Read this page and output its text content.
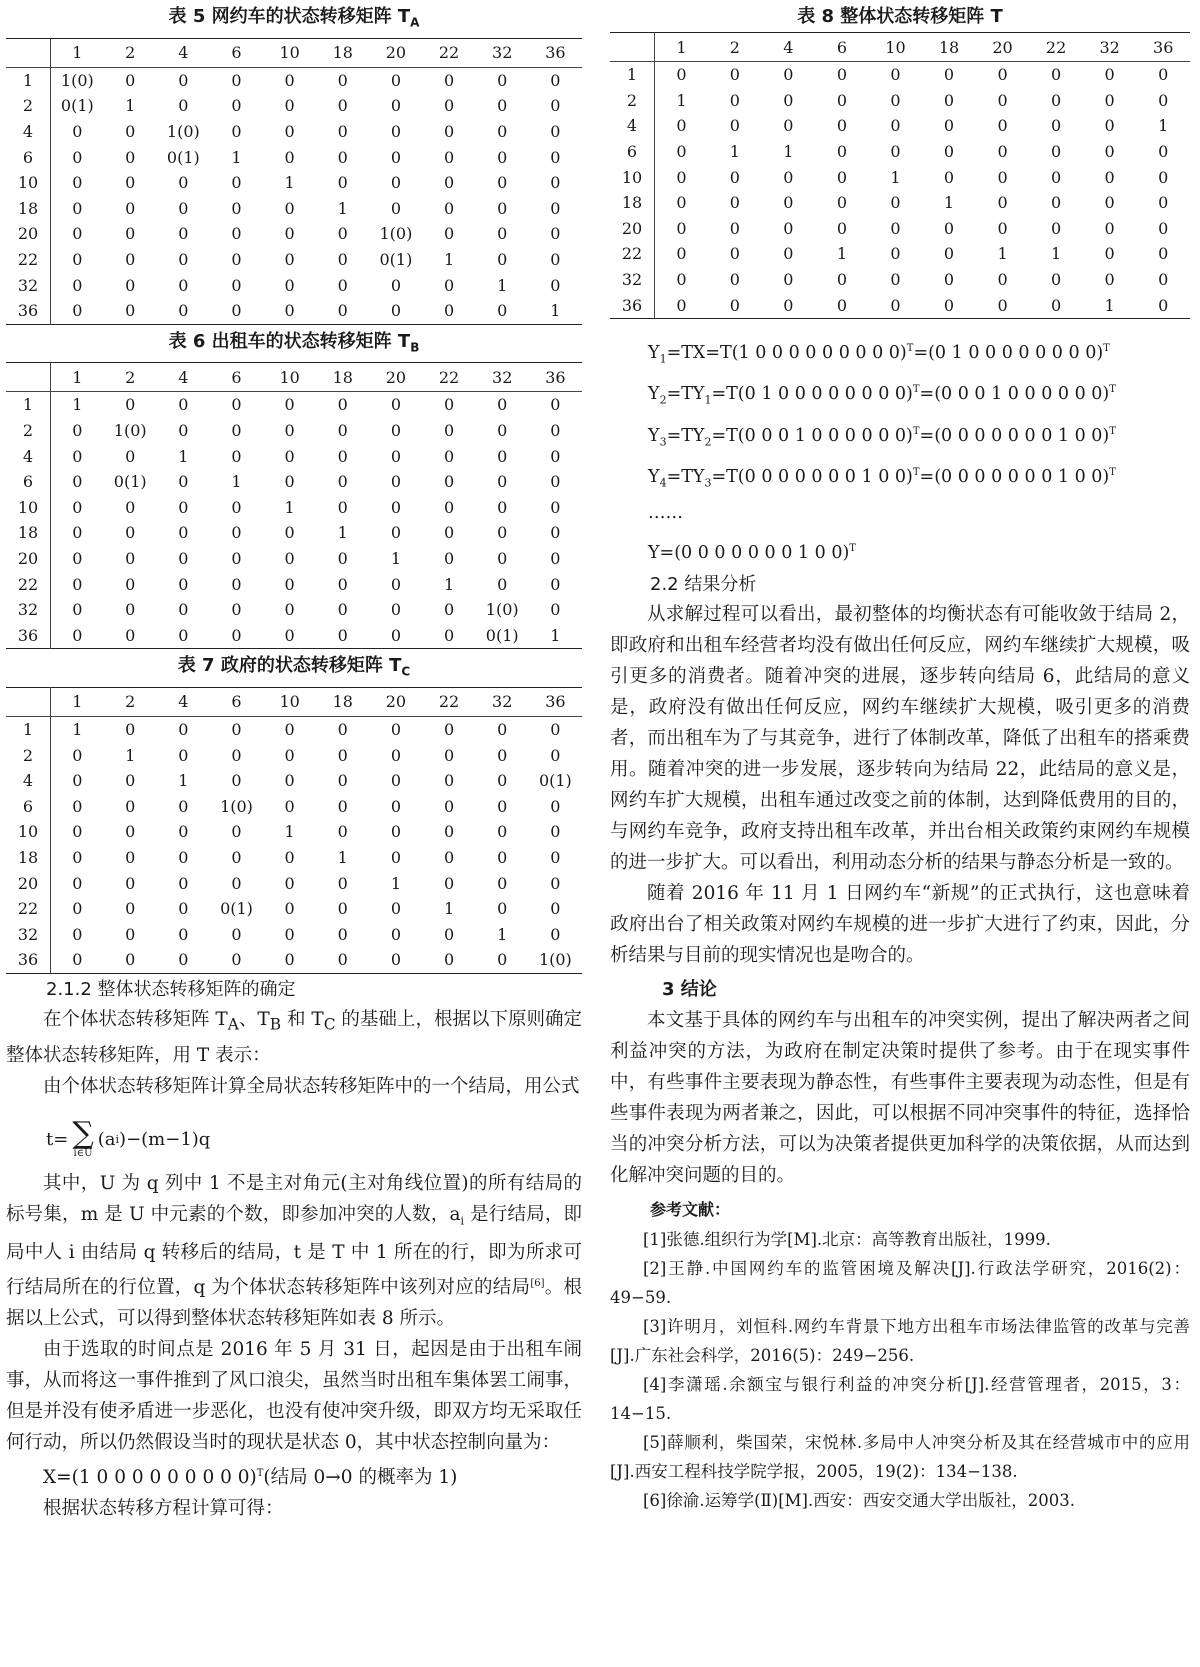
表 5 网约车的状态转移矩阵 $T_A$
	1	2	4	6	10	18	20	22	32	36
1	1(0)	0	0	0	0	0	0	0	0	0
2	0(1)	1	0	0	0	0	0	0	0	0
4	0	0	1(0)	0	0	0	0	0	0	0
6	0	0	0(1)	1	0	0	0	0	0	0
10	0	0	0	0	1	0	0	0	0	0
18	0	0	0	0	0	1	0	0	0	0
20	0	0	0	0	0	0	1(0)	0	0	0
22	0	0	0	0	0	0	0(1)	1	0	0
32	0	0	0	0	0	0	0	0	1	0
36	0	0	0	0	0	0	0	0	0	1
表 6 出租车的状态转移矩阵 $T_B$
	1	2	4	6	10	18	20	22	32	36
1	1	0	0	0	0	0	0	0	0	0
2	0	1(0)	0	0	0	0	0	0	0	0
4	0	0	1	0	0	0	0	0	0	0
6	0	0(1)	0	1	0	0	0	0	0	0
10	0	0	0	0	1	0	0	0	0	0
18	0	0	0	0	0	1	0	0	0	0
20	0	0	0	0	0	0	1	0	0	0
22	0	0	0	0	0	0	0	1	0	0
32	0	0	0	0	0	0	0	0	1(0)	0
36	0	0	0	0	0	0	0	0	0(1)	1
表 7 政府的状态转移矩阵 $T_C$
	1	2	4	6	10	18	20	22	32	36
1	1	0	0	0	0	0	0	0	0	0
2	0	1	0	0	0	0	0	0	0	0
4	0	0	1	0	0	0	0	0	0	0(1)
6	0	0	0	1(0)	0	0	0	0	0	0
10	0	0	0	0	1	0	0	0	0	0
18	0	0	0	0	0	1	0	0	0	0
20	0	0	0	0	0	0	1	0	0	0
22	0	0	0	0(1)	0	0	0	1	0	0
32	0	0	0	0	0	0	0	0	1	0
36	0	0	0	0	0	0	0	0	0	1(0)
2.1.2 整体状态转移矩阵的确定

在个体状态转移矩阵 $T_A$、$T_B$ 和 $T_C$ 的基础上，根据以下原则确定整体状态转移矩阵，用 T 表示：

由个体状态转移矩阵计算全局状态转移矩阵中的一个结局，用公式

t= ∑
i∈U
(a i )−(m−1)q

其中，U 为 q 列中 1 不是主对角元(主对角线位置)的所有结局的标号集，m 是 U 中元素的个数，即参加冲突的人数，$a_i$ 是行结局，即局中人 i 由结局 q 转移后的结局，t 是 T 中 1 所在的行，即为所求可行结局所在的行位置，q 为个体状态转移矩阵中该列对应的结局[6]。根据以上公式，可以得到整体状态转移矩阵如表 8 所示。

由于选取的时间点是 2016 年 5 月 31 日，起因是由于出租车闹事，从而将这一事件推到了风口浪尖，虽然当时出租车集体罢工闹事，但是并没有使矛盾进一步恶化，也没有使冲突升级，即双方均无采取任何行动，所以仍然假设当时的现状是状态 0，其中状态控制向量为：

X=(1 0 0 0 0 0 0 0 0 0)$^T$(结局 0→0 的概率为 1)

根据状态转移方程计算可得：

表 8 整体状态转移矩阵 T
	1	2	4	6	10	18	20	22	32	36
1	0	0	0	0	0	0	0	0	0	0
2	1	0	0	0	0	0	0	0	0	0
4	0	0	0	0	0	0	0	0	0	1
6	0	1	1	0	0	0	0	0	0	0
10	0	0	0	0	1	0	0	0	0	0
18	0	0	0	0	0	1	0	0	0	0
20	0	0	0	0	0	0	0	0	0	0
22	0	0	0	1	0	0	1	1	0	0
32	0	0	0	0	0	0	0	0	0	0
36	0	0	0	0	0	0	0	0	1	0
$Y_1=TX=T(1$ 0 0 0 0 0 0 0 0 0)$^T$=(0 1 0 0 0 0 0 0 0 0)$^T$
$Y_2=TY_1=T(0$ 1 0 0 0 0 0 0 0 0)$^T$=(0 0 0 1 0 0 0 0 0 0)$^T$
$Y_3=TY_2=T(0$ 0 0 1 0 0 0 0 0 0)$^T$=(0 0 0 0 0 0 0 1 0 0)$^T$
$Y_4=TY_3=T(0$ 0 0 0 0 0 0 1 0 0)$^T$=(0 0 0 0 0 0 0 1 0 0)$^T$
……
Y=(0 0 0 0 0 0 0 1 0 0)$^T$
2.2 结果分析

从求解过程可以看出，最初整体的均衡状态有可能收敛于结局 2，即政府和出租车经营者均没有做出任何反应，网约车继续扩大规模，吸引更多的消费者。随着冲突的进展，逐步转向结局 6，此结局的意义是，政府没有做出任何反应，网约车继续扩大规模，吸引更多的消费者，而出租车为了与其竞争，进行了体制改革，降低了出租车的搭乘费用。随着冲突的进一步发展，逐步转向为结局 22，此结局的意义是，网约车扩大规模，出租车通过改变之前的体制，达到降低费用的目的，与网约车竞争，政府支持出租车改革，并出台相关政策约束网约车规模的进一步扩大。可以看出，利用动态分析的结果与静态分析是一致的。

随着 2016 年 11 月 1 日网约车“新规”的正式执行，这也意味着政府出台了相关政策对网约车规模的进一步扩大进行了约束，因此，分析结果与目前的现实情况也是吻合的。

3 结论

本文基于具体的网约车与出租车的冲突实例，提出了解决两者之间利益冲突的方法，为政府在制定决策时提供了参考。由于在现实事件中，有些事件主要表现为静态性，有些事件主要表现为动态性，但是有些事件表现为两者兼之，因此，可以根据不同冲突事件的特征，选择恰当的冲突分析方法，可以为决策者提供更加科学的决策依据，从而达到化解冲突问题的目的。

参考文献：

[1]张德.组织行为学[M].北京：高等教育出版社，1999.

[2]王静.中国网约车的监管困境及解决[J].行政法学研究，2016(2)：49−59.

[3]许明月，刘恒科.网约车背景下地方出租车市场法律监管的改革与完善[J].广东社会科学，2016(5)：249−256.

[4]李潇瑶.余额宝与银行利益的冲突分析[J].经营管理者，2015，3：14−15.

[5]薛顺利，柴国荣，宋悦林.多局中人冲突分析及其在经营城市中的应用[J].西安工程科技学院学报，2005，19(2)：134−138.

[6]徐渝.运筹学(Ⅱ)[M].西安：西安交通大学出版社，2003.
